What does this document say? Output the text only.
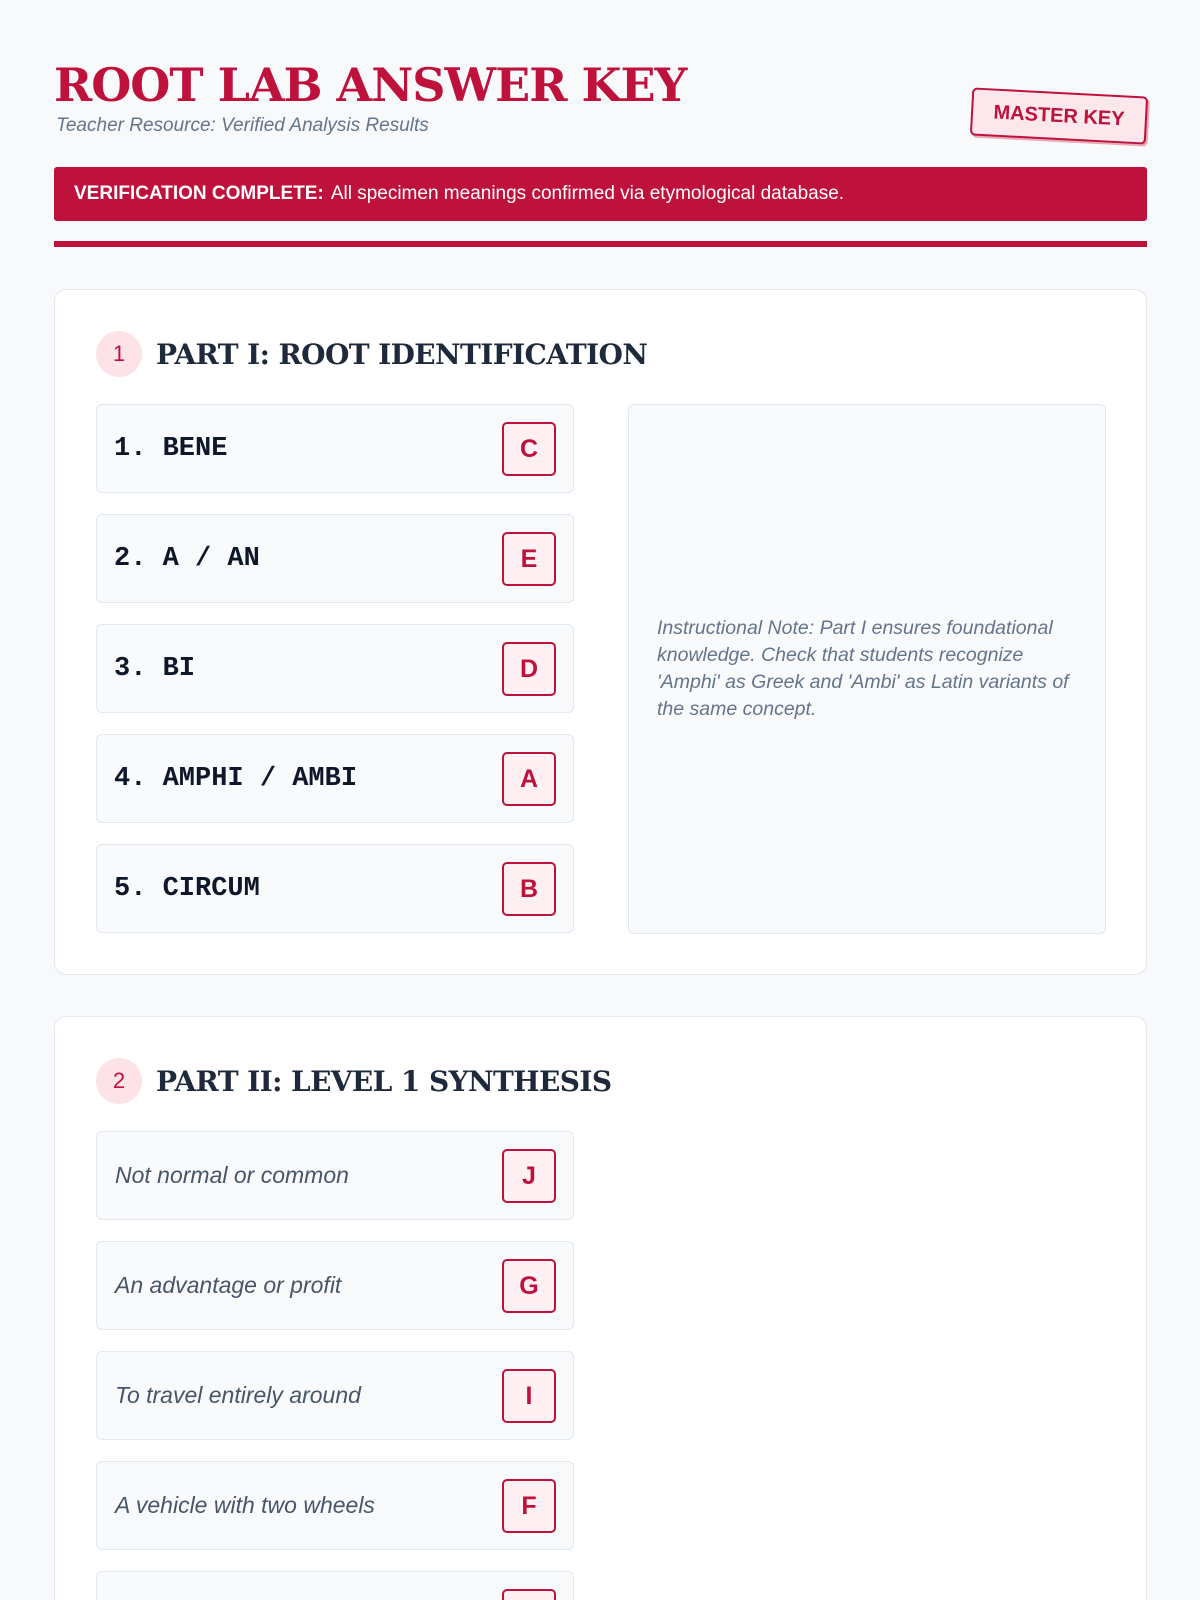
ROOT LAB ANSWER KEY
Teacher Resource: Verified Analysis Results	MASTER KEY
VERIFICATION COMPLETE: All specimen meanings confirmed via etymological database.
1	PART I: ROOT IDENTIFICATION
1. BENE	C
2. A / AN	E
3. BI	D
4. AMPHI / AMBI	A
5. CIRCUM	B

Instructional Note: Part I ensures foundational knowledge. Check that students recognize 'Amphi' as Greek and 'Ambi' as Latin variants of the same concept.

2	PART II: LEVEL 1 SYNTHESIS
Not normal or common	J
An advantage or profit	G
To travel entirely around	I
A vehicle with two wheels	F
